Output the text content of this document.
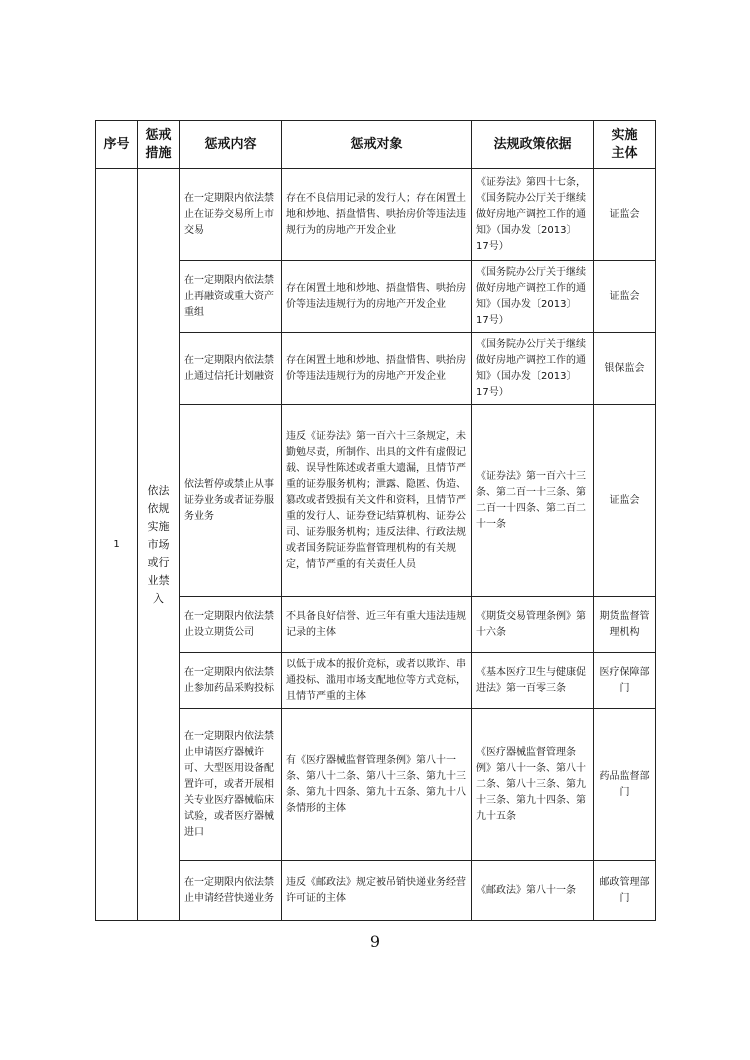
序号	惩戒措施	惩戒内容	惩戒对象	法规政策依据	实施主体

1	依法依规实施市场或行业禁入	在一定期限内依法禁止在证券交易所上市交易	存在不良信用记录的发行人；存在闲置土地和炒地、捂盘惜售、哄抬房价等违法违规行为的房地产开发企业	《证券法》第四十七条，《国务院办公厅关于继续做好房地产调控工作的通知》（国办发〔2013〕17号）	证监会
		在一定期限内依法禁止再融资或重大资产重组	存在闲置土地和炒地、捂盘惜售、哄抬房价等违法违规行为的房地产开发企业	《国务院办公厅关于继续做好房地产调控工作的通知》（国办发〔2013〕17号）	证监会
		在一定期限内依法禁止通过信托计划融资	存在闲置土地和炒地、捂盘惜售、哄抬房价等违法违规行为的房地产开发企业	《国务院办公厅关于继续做好房地产调控工作的通知》（国办发〔2013〕17号）	银保监会
		依法暂停或禁止从事证券业务或者证券服务业务	违反《证券法》第一百六十三条规定，未勤勉尽责，所制作、出具的文件有虚假记载、误导性陈述或者重大遗漏，且情节严重的证券服务机构；泄露、隐匿、伪造、篡改或者毁损有关文件和资料，且情节严重的发行人、证券登记结算机构、证券公司、证券服务机构；违反法律、行政法规或者国务院证券监督管理机构的有关规定，情节严重的有关责任人员	《证券法》第一百六十三条、第二百一十三条、第二百一十四条、第二百二十一条	证监会
		在一定期限内依法禁止设立期货公司	不具备良好信誉、近三年有重大违法违规记录的主体	《期货交易管理条例》第十六条	期货监督管理机构
		在一定期限内依法禁止参加药品采购投标	以低于成本的报价竞标，或者以欺诈、串通投标、滥用市场支配地位等方式竞标，且情节严重的主体	《基本医疗卫生与健康促进法》第一百零三条	医疗保障部门
		在一定期限内依法禁止申请医疗器械许可、大型医用设备配置许可，或者开展相关专业医疗器械临床试验，或者医疗器械进口	有《医疗器械监督管理条例》第八十一条、第八十二条、第八十三条、第九十三条、第九十四条、第九十五条、第九十八条情形的主体	《医疗器械监督管理条例》第八十一条、第八十二条、第八十三条、第九十三条、第九十四条、第九十五条	药品监督部门
		在一定期限内依法禁止申请经营快递业务	违反《邮政法》规定被吊销快递业务经营许可证的主体	《邮政法》第八十一条	邮政管理部门
9
